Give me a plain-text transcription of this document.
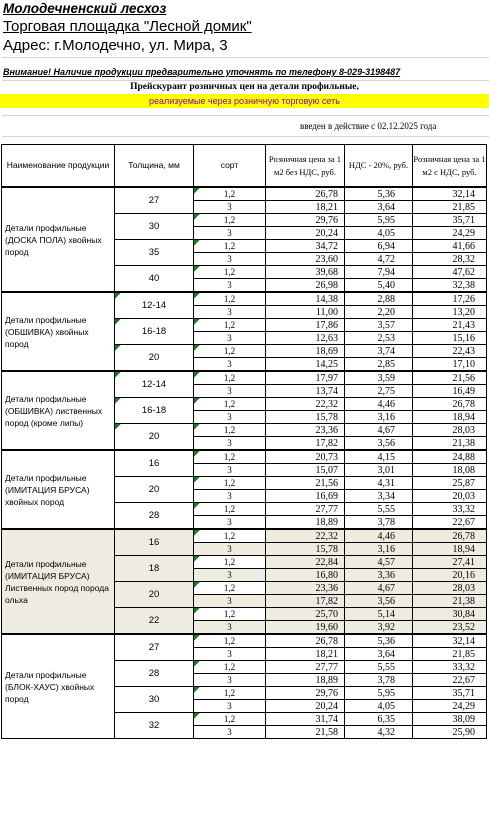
Молодечненский лесхоз
Торговая площадка "Лесной домик"
Адрес: г.Молодечно, ул. Мира, 3
Внимание! Наличие продукции предварительно уточнять по телефону 8-029-3198487
Прейскурант розничных цен на детали профильные,
реализуемые через розничную торговую сеть
введен в действие с 02.12.2025 года
Наименование продукции	Толщина, мм	сорт	Розничная цена за 1 м2 без НДС, руб.	НДС - 20%, руб.	Розничная цена за 1 м2 с НДС, руб.
Детали профильные (ДОСКА ПОЛА) хвойных пород	27	1,2	26,78	5,36	32,14
		3	18,21	3,64	21,85
	30	1,2	29,76	5,95	35,71
		3	20,24	4,05	24,29
	35	1,2	34,72	6,94	41,66
		3	23,60	4,72	28,32
	40	1,2	39,68	7,94	47,62
		3	26,98	5,40	32,38
Детали профильные (ОБШИВКА) хвойных пород	12-14	1,2	14,38	2,88	17,26
		3	11,00	2,20	13,20
	16-18	1,2	17,86	3,57	21,43
		3	12,63	2,53	15,16
	20	1,2	18,69	3,74	22,43
		3	14,25	2,85	17,10
Детали профильные (ОБШИВКА) лиственных пород (кроме липы)	12-14	1,2	17,97	3,59	21,56
		3	13,74	2,75	16,49
	16-18	1,2	22,32	4,46	26,78
		3	15,78	3,16	18,94
	20	1,2	23,36	4,67	28,03
		3	17,82	3,56	21,38
Детали профильные (ИМИТАЦИЯ БРУСА) хвойных пород	16	1,2	20,73	4,15	24,88
		3	15,07	3,01	18,08
	20	1,2	21,56	4,31	25,87
		3	16,69	3,34	20,03
	28	1,2	27,77	5,55	33,32
		3	18,89	3,78	22,67
Детали профильные (ИМИТАЦИЯ БРУСА) Лиственных пород порода ольха	16	1,2	22,32	4,46	26,78
		3	15,78	3,16	18,94
	18	1,2	22,84	4,57	27,41
		3	16,80	3,36	20,16
	20	1,2	23,36	4,67	28,03
		3	17,82	3,56	21,38
	22	1,2	25,70	5,14	30,84
		3	19,60	3,92	23,52
Детали профильные (БЛОК-ХАУС) хвойных пород	27	1,2	26,78	5,36	32,14
		3	18,21	3,64	21,85
	28	1,2	27,77	5,55	33,32
		3	18,89	3,78	22,67
	30	1,2	29,76	5,95	35,71
		3	20,24	4,05	24,29
	32	1,2	31,74	6,35	38,09
		3	21,58	4,32	25,90
